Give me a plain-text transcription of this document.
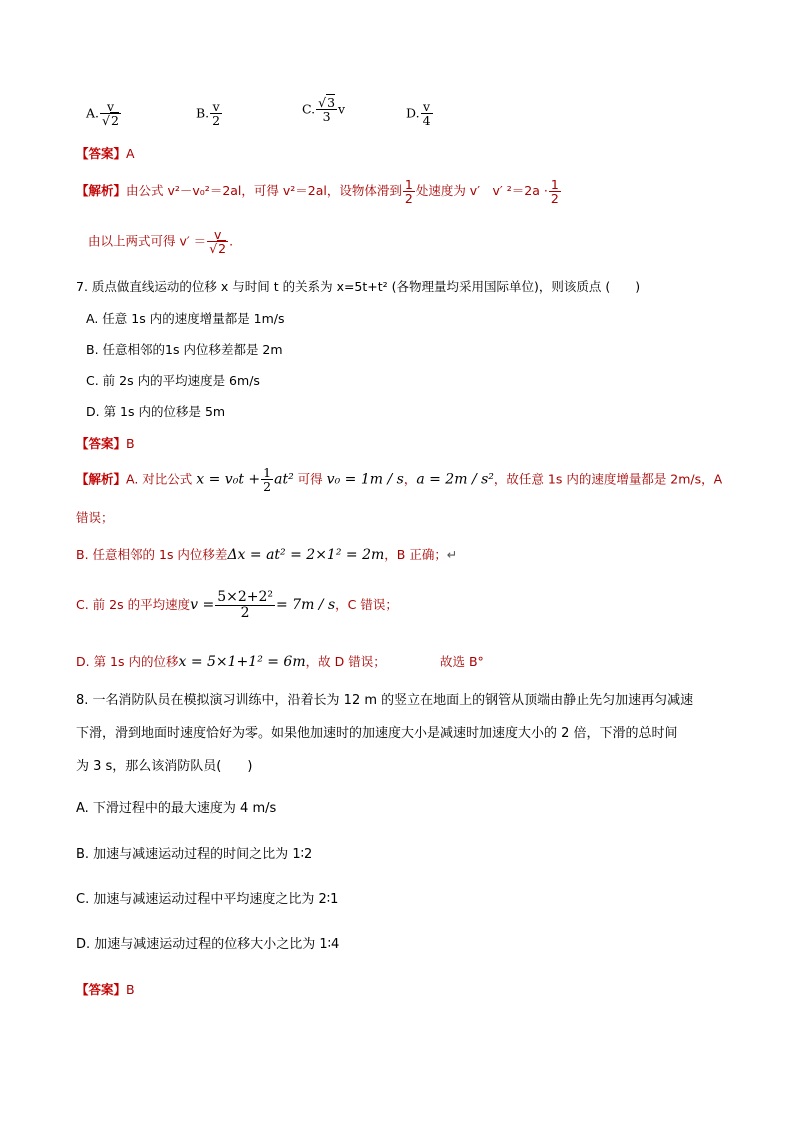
A. $\frac{v}{√2}$	B. $\frac{v}{2}$	C. $\frac{√3}{3}$ v	D. $\frac{v}{4}$
【答案】A
【解析】由公式 v²－v₀²＝2al，可得 v²＝2al，设物体滑到 $\frac{1}{2}$ 处速度为 v′　v′ $^2=2a \cdot \frac{1}{2}$
由以上两式可得 $v' = \frac{v}{√2}$ .
7. 质点做直线运动的位移 x 与时间 t 的关系为 x=5t+t² (各物理量均采用国际单位)，则该质点 (　　)
A. 任意 1s 内的速度增量都是 1m/s
B. 任意相邻的1s 内位移差都是 2m
C. 前 2s 内的平均速度是 6m/s
D. 第 1s 内的位移是 5m
【答案】B
【解析】A. 对比公式 $x = v_0t + \frac{1}{2} at^2$ 可得 v₀ = 1m / s，a = 2m / s²，故任意 1s 内的速度增量都是 2m/s，A
错误；
B. 任意相邻的 1s 内位移差Δx = at² = 2×1² = 2m，B 正确；↵
C. 前 2s 的平均速度$v = \frac{\text{5×2+2²}}{2} = 7m / s$，C 错误；
D. 第 1s 内的位移x = 5×1+1² = 6m，故 D 错误；	故选 B°
8. 一名消防队员在模拟演习训练中，沿着长为 12 m 的竖立在地面上的钢管从顶端由静止先匀加速再匀减速
下滑，滑到地面时速度恰好为零。如果他加速时的加速度大小是减速时加速度大小的 2 倍，下滑的总时间
为 3 s，那么该消防队员(　　)
A. 下滑过程中的最大速度为 4 m/s
B. 加速与减速运动过程的时间之比为 1∶2
C. 加速与减速运动过程中平均速度之比为 2∶1
D. 加速与减速运动过程的位移大小之比为 1∶4
【答案】B
